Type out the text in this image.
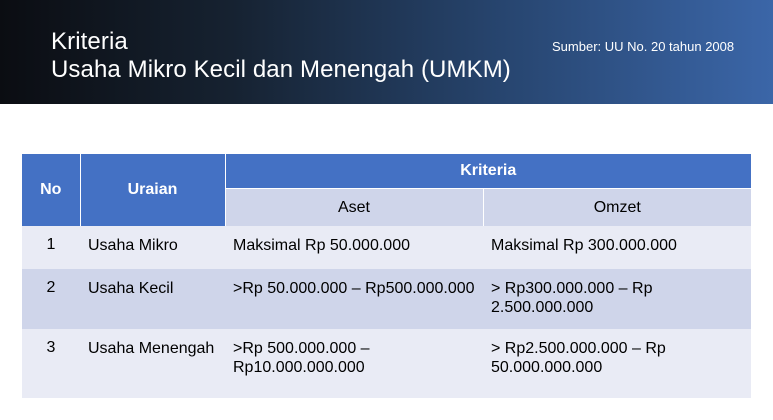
Kriteria
Usaha Mikro Kecil dan Menengah (UMKM)
Sumber: UU No. 20 tahun 2008
No	Uraian	Kriteria	
		Aset	Omzet
1	Usaha Mikro	Maksimal Rp 50.000.000	Maksimal Rp 300.000.000
2	Usaha Kecil	>Rp 50.000.000 – Rp500.000.000	> Rp300.000.000 – Rp 2.500.000.000
3	Usaha Menengah	>Rp 500.000.000 – Rp10.000.000.000	> Rp2.500.000.000 – Rp 50.000.000.000
